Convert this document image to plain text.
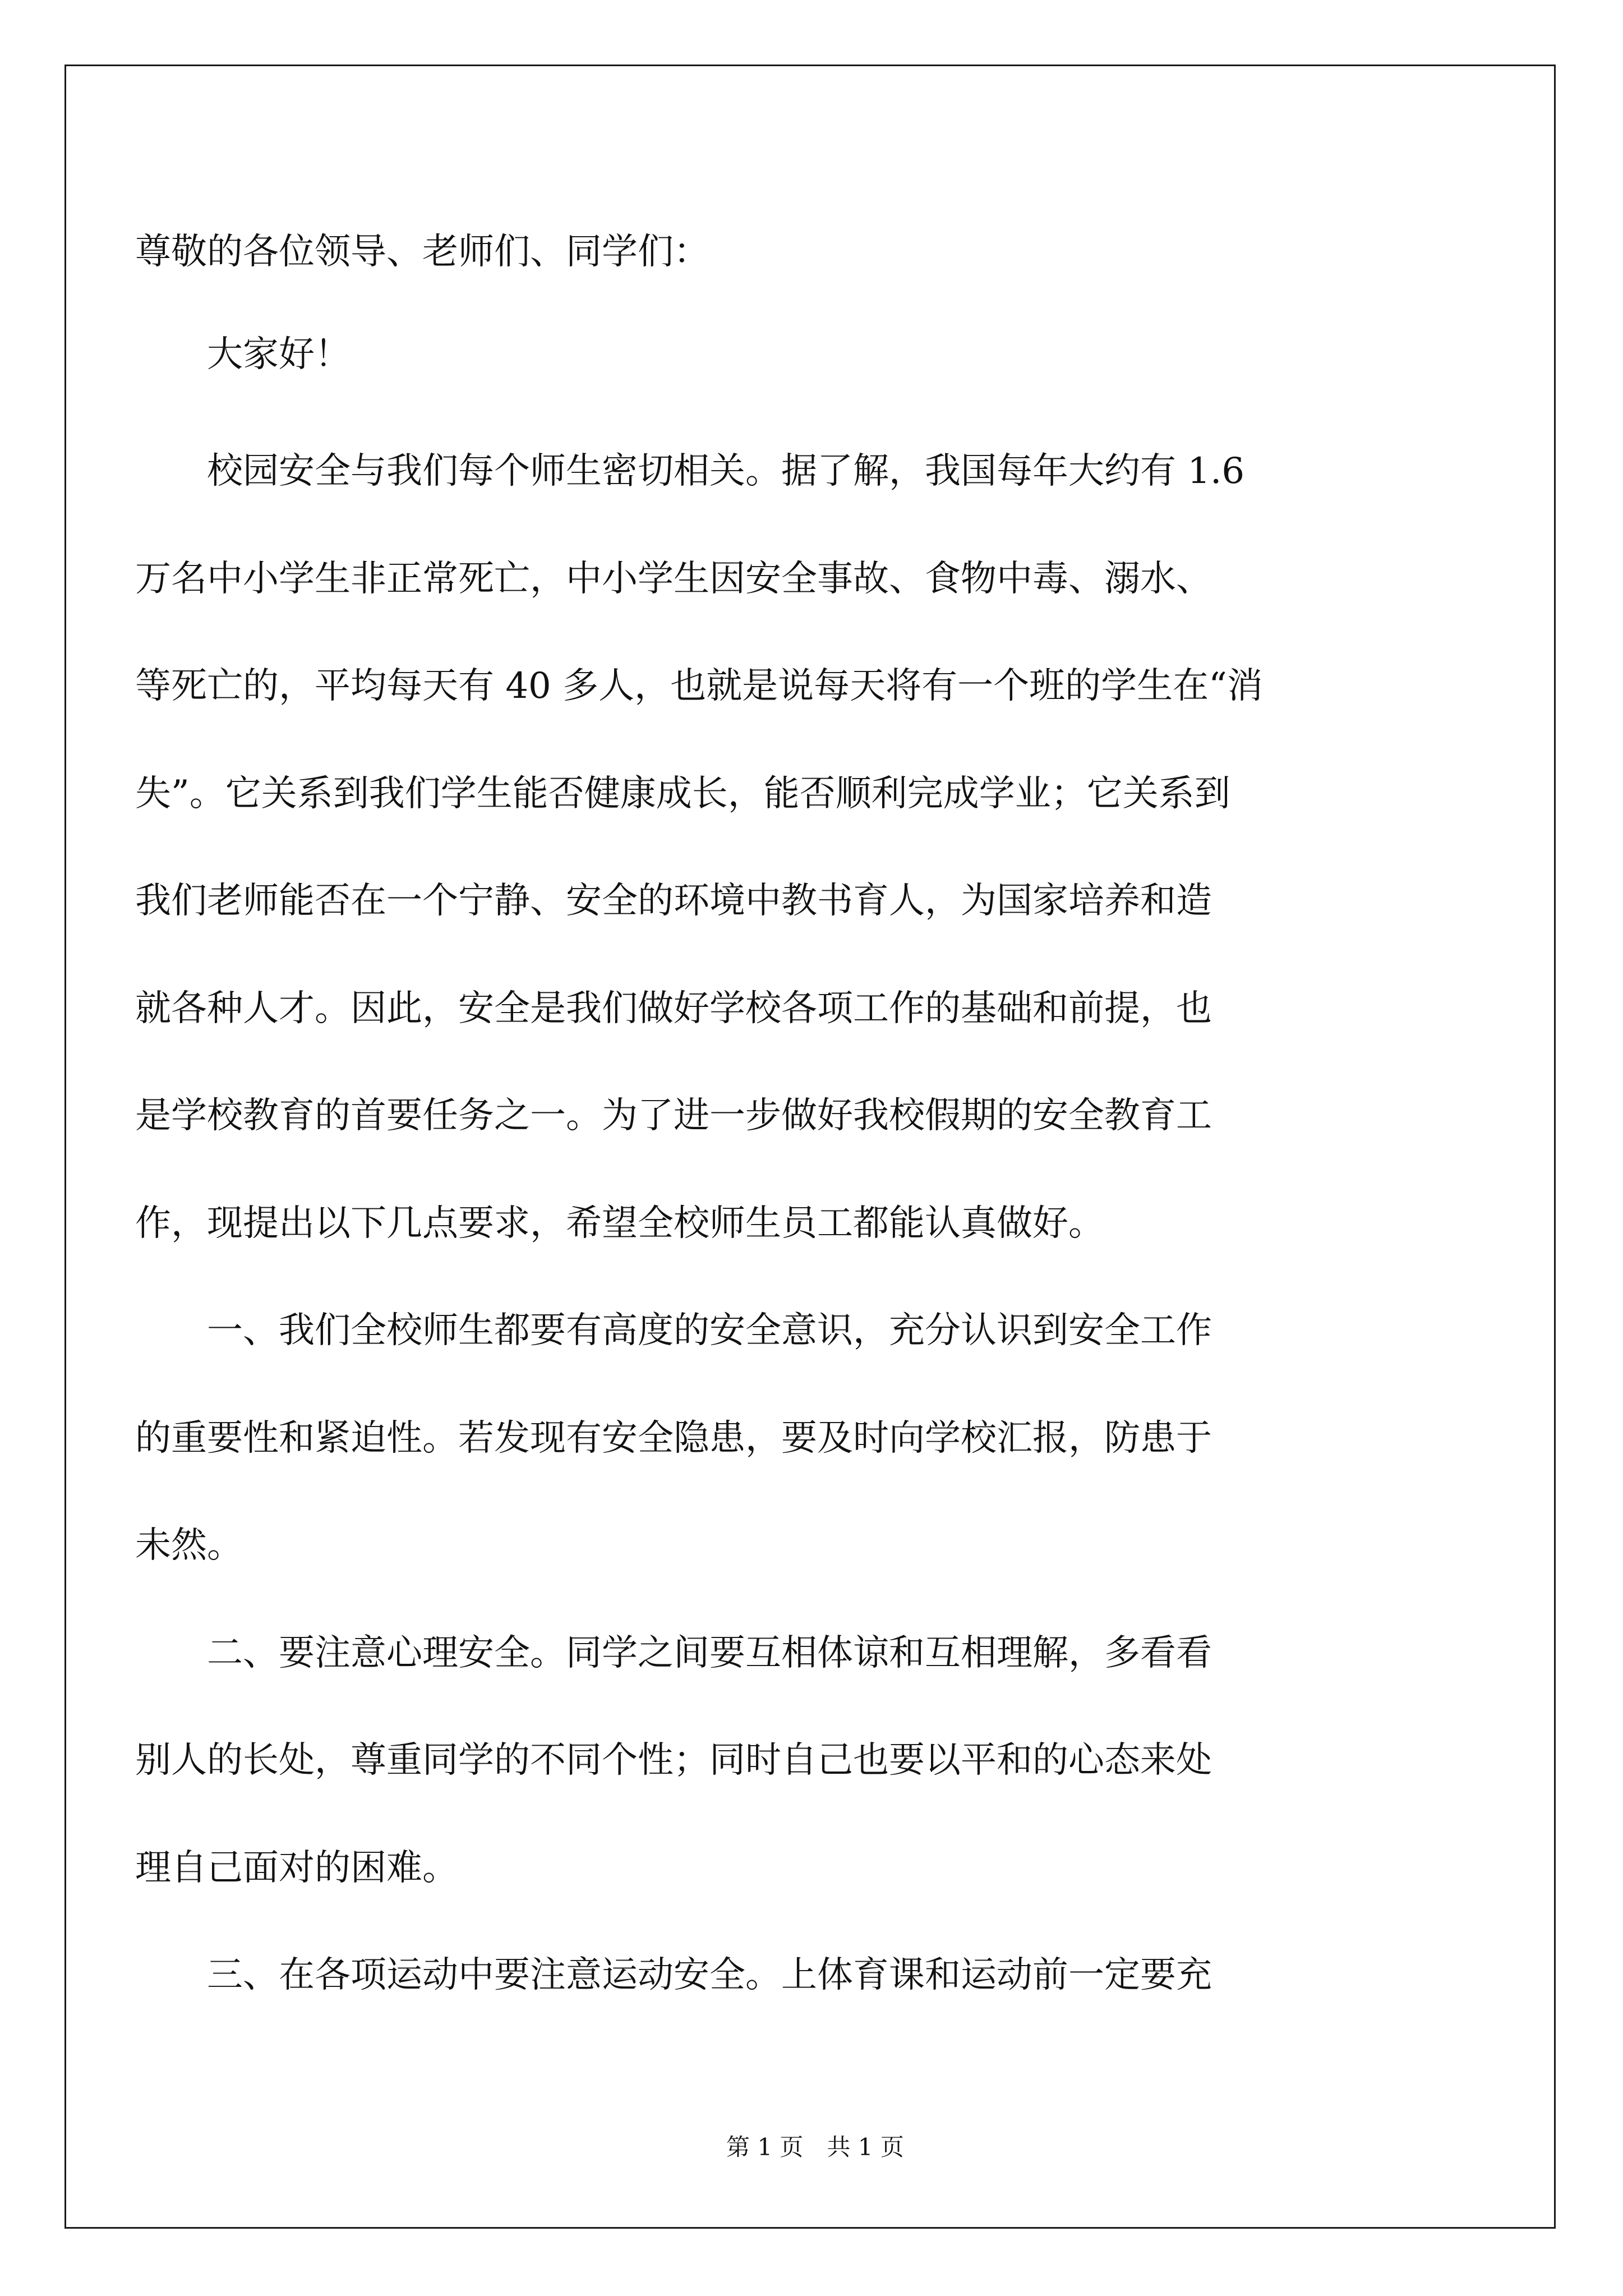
尊敬的各位领导、老师们、同学们：

　　大家好！

　　校园安全与我们每个师生密切相关。据了解，我国每年大约有 1.6

万名中小学生非正常死亡，中小学生因安全事故、食物中毒、溺水、

等死亡的，平均每天有 40 多人，也就是说每天将有一个班的学生在“消

失”。它关系到我们学生能否健康成长，能否顺利完成学业；它关系到

我们老师能否在一个宁静、安全的环境中教书育人，为国家培养和造

就各种人才。因此，安全是我们做好学校各项工作的基础和前提，也

是学校教育的首要任务之一。为了进一步做好我校假期的安全教育工

作，现提出以下几点要求，希望全校师生员工都能认真做好。

　　一、我们全校师生都要有高度的安全意识，充分认识到安全工作

的重要性和紧迫性。若发现有安全隐患，要及时向学校汇报，防患于

未然。

　　二、要注意心理安全。同学之间要互相体谅和互相理解，多看看

别人的长处，尊重同学的不同个性；同时自己也要以平和的心态来处

理自己面对的困难。

　　三、在各项运动中要注意运动安全。上体育课和运动前一定要充

第 1 页　共 1 页
